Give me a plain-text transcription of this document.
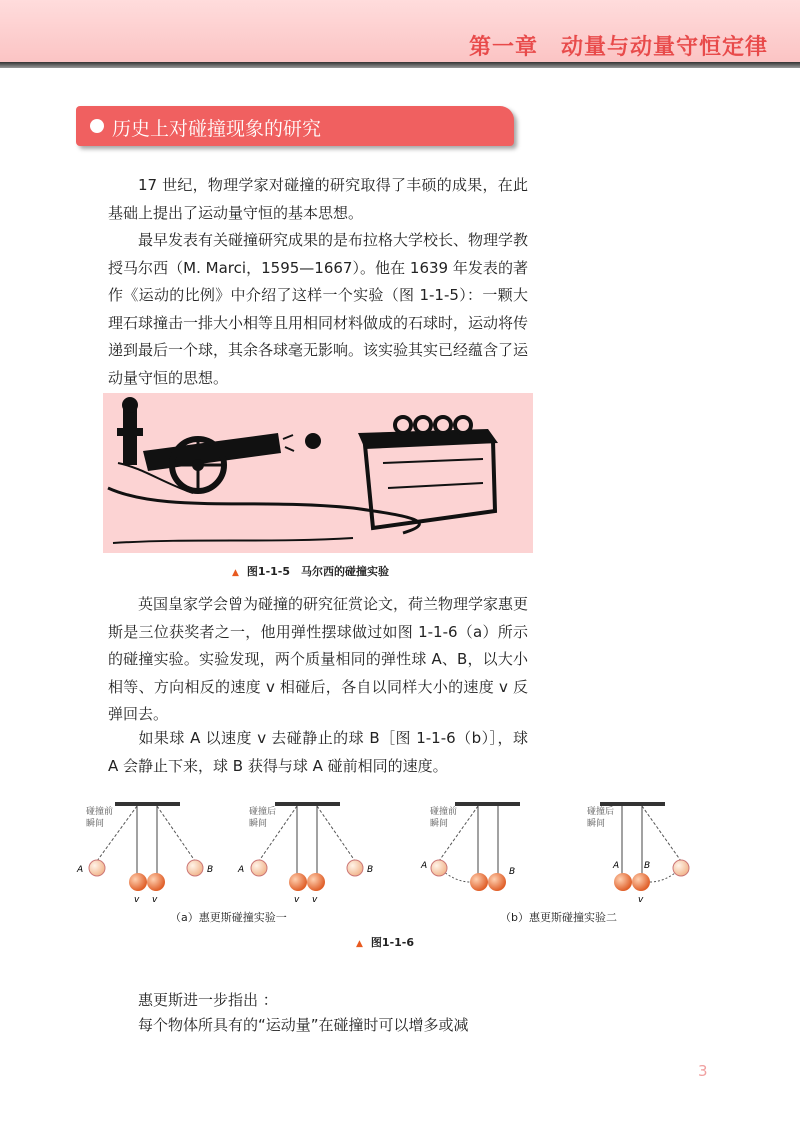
第一章　动量与动量守恒定律
历史上对碰撞现象的研究

17 世纪，物理学家对碰撞的研究取得了丰硕的成果，在此基础上提出了运动量守恒的基本思想。

最早发表有关碰撞研究成果的是布拉格大学校长、物理学教授马尔西（M. Marci，1595—1667）。他在 1639 年发表的著作《运动的比例》中介绍了这样一个实验（图 1-1-5）：一颗大理石球撞击一排大小相等且用相同材料做成的石球时，运动将传递到最后一个球，其余各球毫无影响。该实验其实已经蕴含了运动量守恒的思想。

▲ 图1-1-5　马尔西的碰撞实验

英国皇家学会曾为碰撞的研究征赏论文，荷兰物理学家惠更斯是三位获奖者之一，他用弹性摆球做过如图 1-1-6（a）所示的碰撞实验。实验发现，两个质量相同的弹性球 A、B，以大小相等、方向相反的速度 v 相碰后，各自以同样大小的速度 v 反弹回去。

如果球 A 以速度 v 去碰静止的球 B［图 1-1-6（b）］，球 A 会静止下来，球 B 获得与球 A 碰前相同的速度。

碰撞前
瞬间
A	B
v v
碰撞后
瞬间
A	B
v v
碰撞前
瞬间
A
B
碰撞后
瞬间
A	B
v
（a）惠更斯碰撞实验一	（b）惠更斯碰撞实验二
▲ 图1-1-6

惠更斯进一步指出 ：

每个物体所具有的“运动量”在碰撞时可以增多或减

3
